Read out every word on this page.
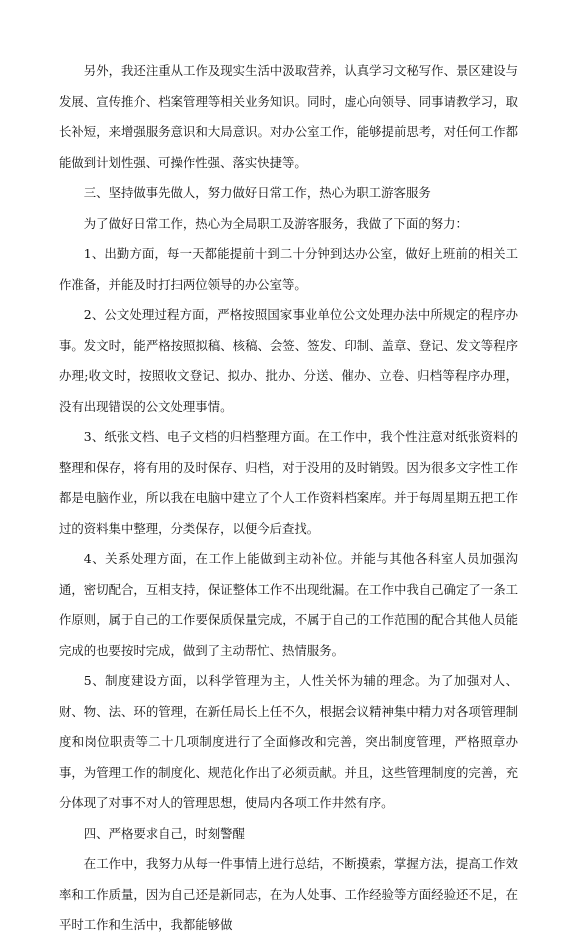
另外，我还注重从工作及现实生活中汲取营养，认真学习文秘写作、景区建设与发展、宣传推介、档案管理等相关业务知识。同时，虚心向领导、同事请教学习，取长补短，来增强服务意识和大局意识。对办公室工作，能够提前思考，对任何工作都能做到计划性强、可操作性强、落实快捷等。

三、坚持做事先做人，努力做好日常工作，热心为职工游客服务

为了做好日常工作，热心为全局职工及游客服务，我做了下面的努力：

1、出勤方面，每一天都能提前十到二十分钟到达办公室，做好上班前的相关工作准备，并能及时打扫两位领导的办公室等。

2、公文处理过程方面，严格按照国家事业单位公文处理办法中所规定的程序办事。发文时，能严格按照拟稿、核稿、会签、签发、印制、盖章、登记、发文等程序办理;收文时，按照收文登记、拟办、批办、分送、催办、立卷、归档等程序办理，没有出现错误的公文处理事情。

3、纸张文档、电子文档的归档整理方面。在工作中，我个性注意对纸张资料的整理和保存，将有用的及时保存、归档，对于没用的及时销毁。因为很多文字性工作都是电脑作业，所以我在电脑中建立了个人工作资料档案库。并于每周星期五把工作过的资料集中整理，分类保存，以便今后查找。

4、关系处理方面，在工作上能做到主动补位。并能与其他各科室人员加强沟通，密切配合，互相支持，保证整体工作不出现纰漏。在工作中我自己确定了一条工作原则，属于自己的工作要保质保量完成，不属于自己的工作范围的配合其他人员能完成的也要按时完成，做到了主动帮忙、热情服务。

5、制度建设方面，以科学管理为主，人性关怀为辅的理念。为了加强对人、财、物、法、环的管理，在新任局长上任不久，根据会议精神集中精力对各项管理制度和岗位职责等二十几项制度进行了全面修改和完善，突出制度管理，严格照章办事，为管理工作的制度化、规范化作出了必须贡献。并且，这些管理制度的完善，充分体现了对事不对人的管理思想，使局内各项工作井然有序。

四、严格要求自己，时刻警醒

在工作中，我努力从每一件事情上进行总结，不断摸索，掌握方法，提高工作效率和工作质量，因为自己还是新同志，在为人处事、工作经验等方面经验还不足，在平时工作和生活中，我都能够做
